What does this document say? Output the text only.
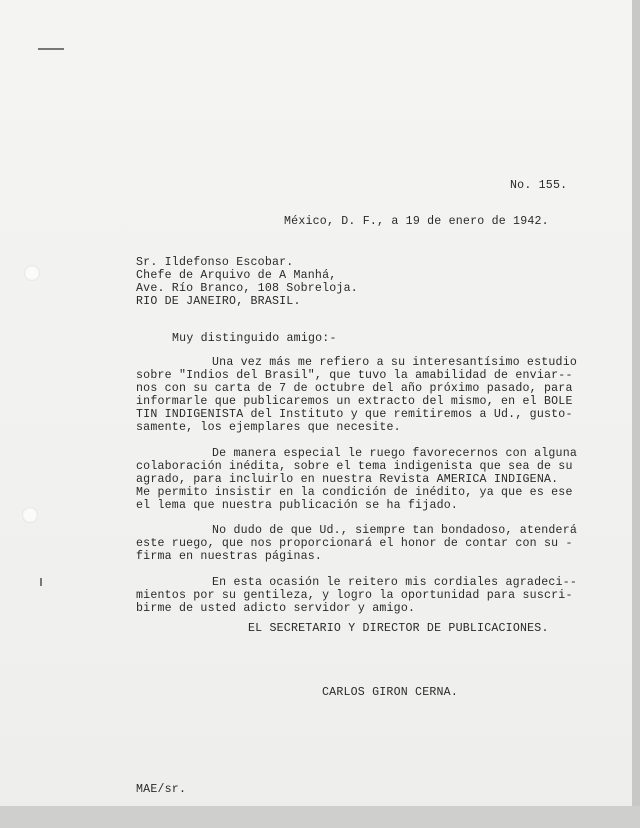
No. 155.
México, D. F., a 19 de enero de 1942.
Sr. Ildefonso Escobar.
Chefe de Arquivo de A Manhá,
Ave. Río Branco, 108 Sobreloja.
RIO DE JANEIRO, BRASIL.
Muy distinguido amigo:-
Una vez más me refiero a su interesantísimo estudio
sobre "Indios del Brasil", que tuvo la amabilidad de enviar--
nos con su carta de 7 de octubre del año próximo pasado, para
informarle que publicaremos un extracto del mismo, en el BOLE
TIN INDIGENISTA del Instituto y que remitiremos a Ud., gusto-
samente, los ejemplares que necesite.
De manera especial le ruego favorecernos con alguna
colaboración inédita, sobre el tema indigenista que sea de su
agrado, para incluirlo en nuestra Revista AMERICA INDIGENA.
Me permito insistir en la condición de inédito, ya que es ese
el lema que nuestra publicación se ha fijado.
No dudo de que Ud., siempre tan bondadoso, atenderá
este ruego, que nos proporcionará el honor de contar con su -
firma en nuestras páginas.
En esta ocasión le reitero mis cordiales agradeci--
mientos por su gentileza, y logro la oportunidad para suscri-
birme de usted adicto servidor y amigo.
EL SECRETARIO Y DIRECTOR DE PUBLICACIONES.
CARLOS GIRON CERNA.
MAE/sr.
